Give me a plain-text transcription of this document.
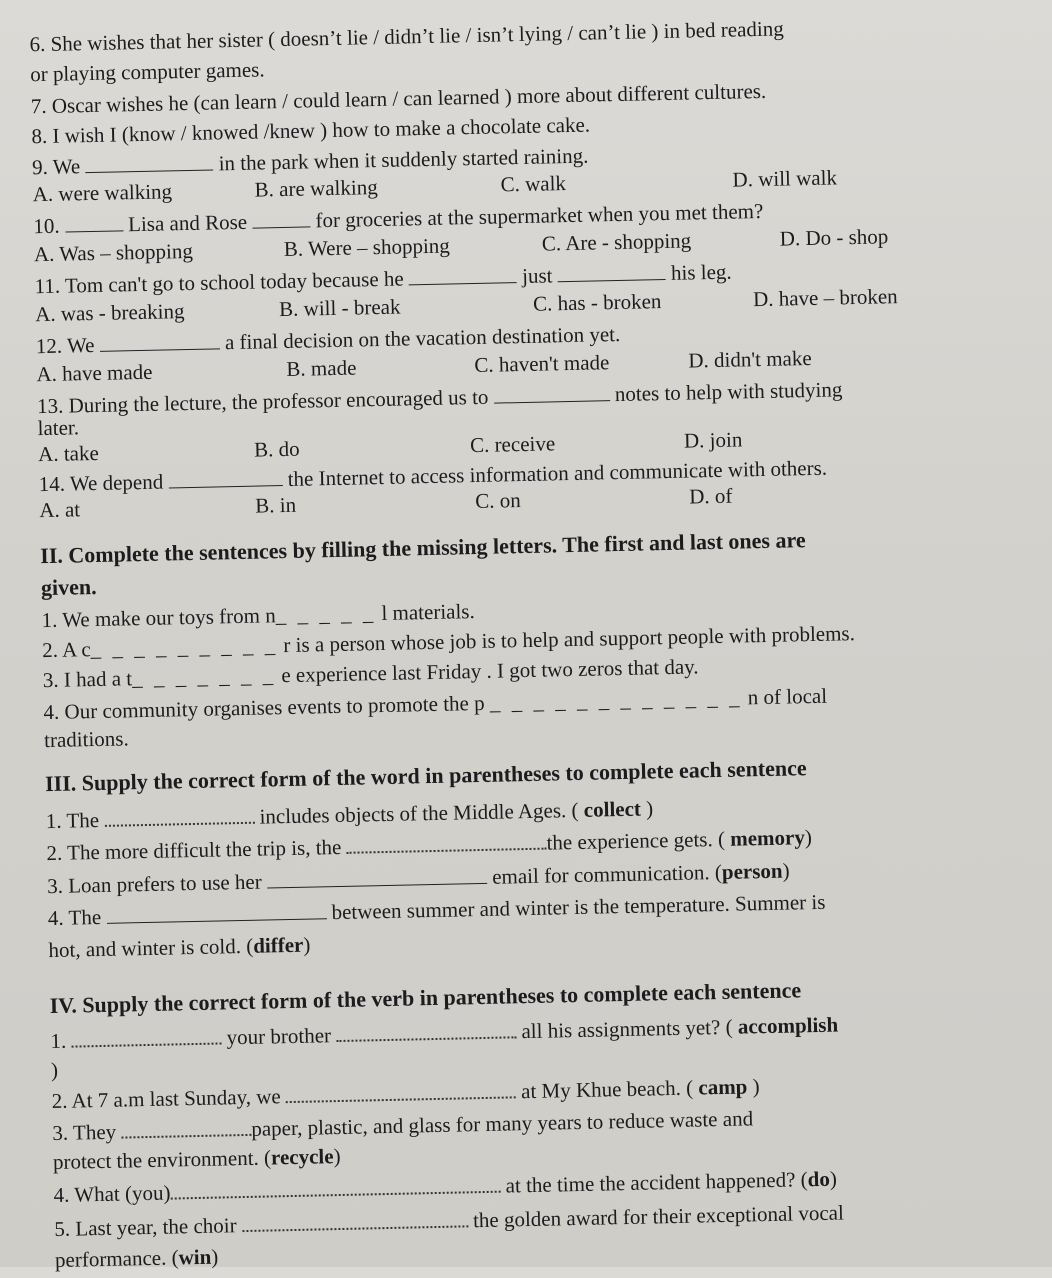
6. She wishes that her sister ( doesn’t lie / didn’t lie / isn’t lying / can’t lie ) in bed reading
or playing computer games.
7. Oscar wishes he (can learn / could learn / can learned ) more about different cultures.
8. I wish I (know / knowed /knew ) how to make a chocolate cake.
9. We	in the park when it suddenly started raining.
A. were walking	B. are walking	C. walk	D. will walk
10.	Lisa and Rose	for groceries at the supermarket when you met them?
A. Was – shopping	B. Were – shopping	C. Are - shopping	D. Do - shop
11. Tom can't go to school today because he	just	his leg.
A. was - breaking	B. will - break	C. has - broken	D. have – broken
12. We	a final decision on the vacation destination yet.
A. have made	B. made	C. haven't made	D. didn't make
13. During the lecture, the professor encouraged us to	notes to help with studying
later.
A. take	B. do	C. receive	D. join
14. We depend	the Internet to access information and communicate with others.
A. at	B. in	C. on	D. of
II. Complete the sentences by filling the missing letters. The first and last ones are
given.
1. We make our toys from n_ _ _ _ _ l materials.
2. A c_ _ _ _ _ _ _ _ _ r is a person whose job is to help and support people with problems.
3. I had a t_ _ _ _ _ _ _ e experience last Friday . I got two zeros that day.
4. Our community organises events to promote the p _ _ _ _ _ _ _ _ _ _ _ _ n of local
traditions.
III. Supply the correct form of the word in parentheses to complete each sentence
1. The	includes objects of the Middle Ages. ( collect )
2. The more difficult the trip is, the	the experience gets. ( memory)
3. Loan prefers to use her	email for communication. (person)
4. The	between summer and winter is the temperature. Summer is
hot, and winter is cold. (differ)
IV. Supply the correct form of the verb in parentheses to complete each sentence
1.	your brother	all his assignments yet? ( accomplish
)
2. At 7 a.m last Sunday, we	at My Khue beach. ( camp )
3. They	paper, plastic, and glass for many years to reduce waste and
protect the environment. (recycle)
4. What (you)	at the time the accident happened? (do)
5. Last year, the choir	the golden award for their exceptional vocal
performance. (win)
